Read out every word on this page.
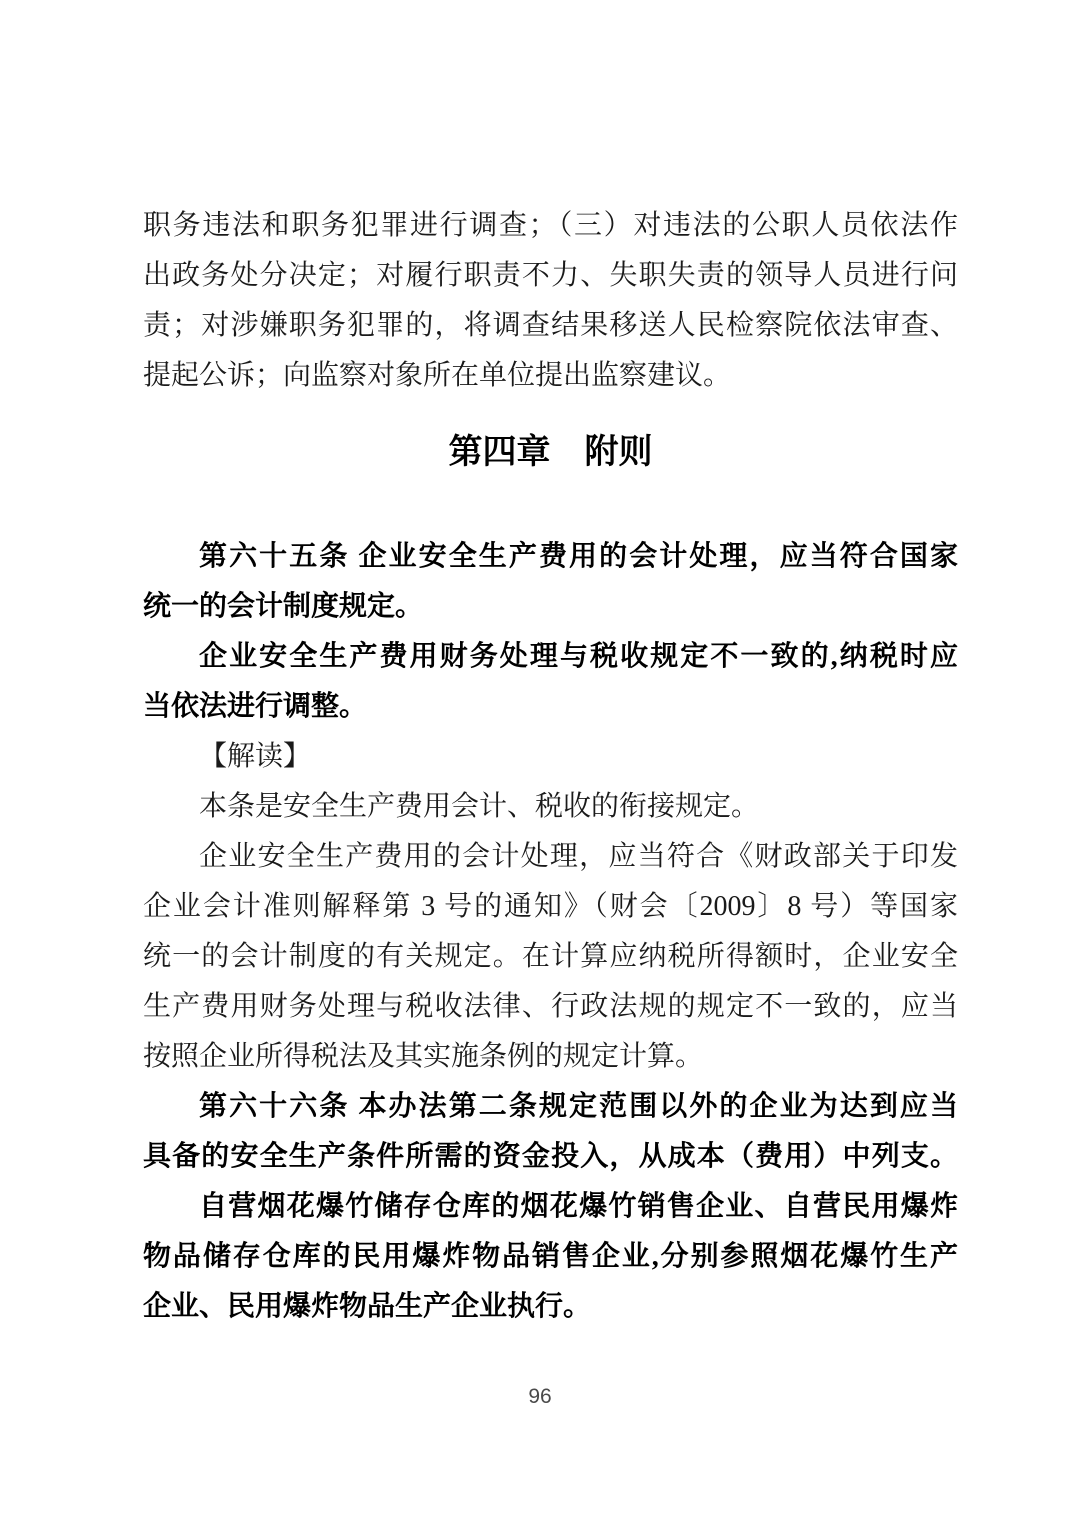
职务违法和职务犯罪进行调查；（三）对违法的公职人员依法作
出政务处分决定；对履行职责不力、失职失责的领导人员进行问
责；对涉嫌职务犯罪的，将调查结果移送人民检察院依法审查、
提起公诉；向监察对象所在单位提出监察建议。
第四章　附则
第六十五条 企业安全生产费用的会计处理，应当符合国家
统一的会计制度规定。
企业安全生产费用财务处理与税收规定不一致的,纳税时应
当依法进行调整。
【解读】
本条是安全生产费用会计、税收的衔接规定。
企业安全生产费用的会计处理，应当符合《财政部关于印发
企业会计准则解释第 3 号的通知》（财会〔2009〕8 号）等国家
统一的会计制度的有关规定。在计算应纳税所得额时，企业安全
生产费用财务处理与税收法律、行政法规的规定不一致的，应当
按照企业所得税法及其实施条例的规定计算。
第六十六条 本办法第二条规定范围以外的企业为达到应当
具备的安全生产条件所需的资金投入，从成本（费用）中列支。
自营烟花爆竹储存仓库的烟花爆竹销售企业、自营民用爆炸
物品储存仓库的民用爆炸物品销售企业,分别参照烟花爆竹生产
企业、民用爆炸物品生产企业执行。
96
